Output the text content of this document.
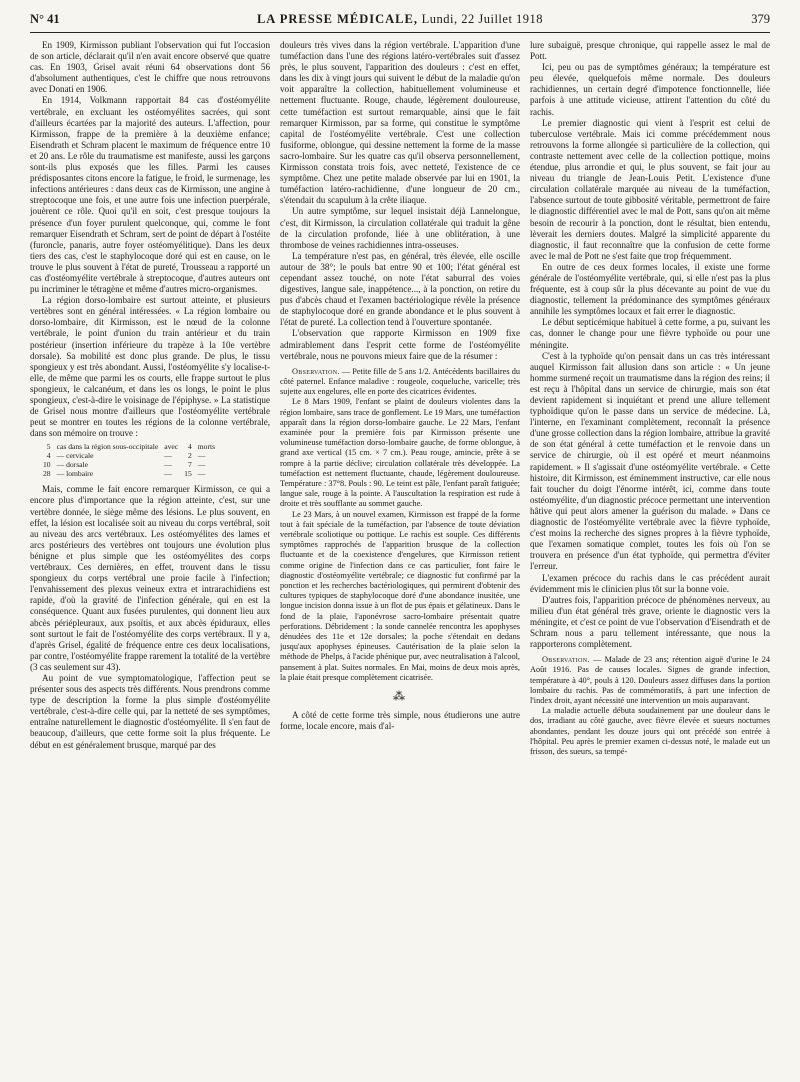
N° 41	LA PRESSE MÉDICALE, Lundi, 22 Juillet 1918	379

En 1909, Kirmisson publiant l'observation qui fut l'occasion de son article, déclarait qu'il n'en avait encore observé que quatre cas. En 1903, Grisel avait réuni 64 observations dont 56 d'absolument authentiques, c'est le chiffre que nous retrouvons avec Donati en 1906.

En 1914, Volkmann rapportait 84 cas d'ostéomyélite vertébrale, en excluant les ostéomyélites sacrées, qui sont d'ailleurs écartées par la majorité des auteurs. L'affection, pour Kirmisson, frappe de la première à la deuxième enfance; Eisendrath et Schram placent le maximum de fréquence entre 10 et 20 ans. Le rôle du traumatisme est manifeste, aussi les garçons sont-ils plus exposés que les filles. Parmi les causes prédisposantes citons encore la fatigue, le froid, le surmenage, les infections antérieures : dans deux cas de Kirmisson, une angine à streptocoque une fois, et une autre fois une infection puerpérale, jouèrent ce rôle. Quoi qu'il en soit, c'est presque toujours la présence d'un foyer purulent quelconque, qui, comme le font remarquer Eisendrath et Schram, sert de point de départ à l'ostéite (furoncle, panaris, autre foyer ostéomyélitique). Dans les deux tiers des cas, c'est le staphylocoque doré qui est en cause, on le trouve le plus souvent à l'état de pureté, Trousseau a rapporté un cas d'ostéomyélite vertébrale à streptocoque, d'autres auteurs ont pu incriminer le tétragène et même d'autres micro-organismes.

La région dorso-lombaire est surtout atteinte, et plusieurs vertèbres sont en général intéressées. « La région lombaire ou dorso-lombaire, dit Kirmisson, est le nœud de la colonne vertébrale, le point d'union du train antérieur et du train postérieur (insertion inférieure du trapèze à la 10e vertèbre dorsale). Sa mobilité est donc plus grande. De plus, le tissu spongieux y est très abondant. Aussi, l'ostéomyélite s'y localise-t-elle, de même que parmi les os courts, elle frappe surtout le plus spongieux, le calcanéum, et dans les os longs, le point le plus spongieux, c'est-à-dire le voisinage de l'épiphyse. » La statistique de Grisel nous montre d'ailleurs que l'ostéomyélite vertébrale peut se montrer en toutes les régions de la colonne vertébrale, dans son mémoire on trouve :

5	cas dans la région sous-occipitale	avec	4	morts
4	— cervicale	—	2	—
10	— dorsale	—	7	—
28	— lombaire	—	15	—

Mais, comme le fait encore remarquer Kirmisson, ce qui a encore plus d'importance que la région atteinte, c'est, sur une vertèbre donnée, le siège même des lésions. Le plus souvent, en effet, la lésion est localisée soit au niveau du corps vertébral, soit au niveau des arcs vertébraux. Les ostéomyélites des lames et arcs postérieurs des vertèbres ont toujours une évolution plus bénigne et plus simple que les ostéomyélites des corps vertébraux. Ces dernières, en effet, trouvent dans le tissu spongieux du corps vertébral une proie facile à l'infection; l'envahissement des plexus veineux extra et intrarachidiens est rapide, d'où la gravité de l'infection générale, qui en est la conséquence. Quant aux fusées purulentes, qui donnent lieu aux abcès périépleuraux, aux psoïtis, et aux abcès épiduraux, elles sont surtout le fait de l'ostéomyélite des corps vertébraux. Il y a, d'après Grisel, égalité de fréquence entre ces deux localisations, par contre, l'ostéomyélite frappe rarement la totalité de la vertèbre (3 cas seulement sur 43).

Au point de vue symptomatologique, l'affection peut se présenter sous des aspects très différents. Nous prendrons comme type de description la forme la plus simple d'ostéomyélite vertébrale, c'est-à-dire celle qui, par la netteté de ses symptômes, entraîne naturellement le diagnostic d'ostéomyélite. Il s'en faut de beaucoup, d'ailleurs, que cette forme soit la plus fréquente. Le début en est généralement brusque, marqué par des

douleurs très vives dans la région vertébrale. L'apparition d'une tuméfaction dans l'une des régions latéro-vertébrales suit d'assez près, le plus souvent, l'apparition des douleurs : c'est en effet, dans les dix à vingt jours qui suivent le début de la maladie qu'on voit apparaître la collection, habituellement volumineuse et nettement fluctuante. Rouge, chaude, légèrement douloureuse, cette tuméfaction est surtout remarquable, ainsi que le fait remarquer Kirmisson, par sa forme, qui constitue le symptôme capital de l'ostéomyélite vertébrale. C'est une collection fusiforme, oblongue, qui dessine nettement la forme de la masse sacro-lombaire. Sur les quatre cas qu'il observa personnellement, Kirmisson constata trois fois, avec netteté, l'existence de ce symptôme. Chez une petite malade observée par lui en 1901, la tuméfaction latéro-rachidienne, d'une longueur de 20 cm., s'étendait du scapulum à la crête iliaque.

Un autre symptôme, sur lequel insistait déjà Lannelongue, c'est, dit Kirmisson, la circulation collatérale qui traduit la gêne de la circulation profonde, liée à une oblitération, à une thrombose de veines rachidiennes intra-osseuses.

La température n'est pas, en général, très élevée, elle oscille autour de 38°; le pouls bat entre 90 et 100; l'état général est cependant assez touché, on note l'état saburral des voies digestives, langue sale, inappétence..., à la ponction, on retire du pus d'abcès chaud et l'examen bactériologique révèle la présence de staphylocoque doré en grande abondance et le plus souvent à l'état de pureté. La collection tend à l'ouverture spontanée.

L'observation que rapporte Kirmisson en 1909 fixe admirablement dans l'esprit cette forme de l'ostéomyélite vertébrale, nous ne pouvons mieux faire que de la résumer :

Observation. — Petite fille de 5 ans 1/2. Antécédents bacillaires du côté paternel. Enfance maladive : rougeole, coqueluche, varicelle; très sujette aux engelures, elle en porte des cicatrices évidentes.

Le 8 Mars 1909, l'enfant se plaint de douleurs violentes dans la région lombaire, sans trace de gonflement. Le 19 Mars, une tuméfaction apparaît dans la région dorso-lombaire gauche. Le 22 Mars, l'enfant examinée pour la première fois par Kirmisson présente une volumineuse tuméfaction dorso-lombaire gauche, de forme oblongue, à grand axe vertical (15 cm. × 7 cm.). Peau rouge, amincie, prête à se rompre à la partie déclive; circulation collatérale très développée. La tuméfaction est nettement fluctuante, chaude, légèrement douloureuse. Température : 37°8. Pouls : 90. Le teint est pâle, l'enfant paraît fatiguée; langue sale, rouge à la pointe. A l'auscultation la respiration est rude à droite et très soufflante au sommet gauche.

Le 23 Mars, à un nouvel examen, Kirmisson est frappé de la forme tout à fait spéciale de la tuméfaction, par l'absence de toute déviation vertébrale scoliotique ou pottique. Le rachis est souple. Ces différents symptômes rapprochés de l'apparition brusque de la collection fluctuante et de la coexistence d'engelures, que Kirmisson retient comme origine de l'infection dans ce cas particulier, font faire le diagnostic d'ostéomyélite vertébrale; ce diagnostic fut confirmé par la ponction et les recherches bactériologiques, qui permirent d'obtenir des cultures typiques de staphylocoque doré d'une abondance inusitée, une longue incision donna issue à un flot de pus épais et gélatineux. Dans le fond de la plaie, l'aponévrose sacro-lombaire présentait quatre perforations. Débridement : la sonde cannelée rencontra les apophyses dénudées des 11e et 12e dorsales; la poche s'étendait en dedans jusqu'aux apophyses épineuses. Cautérisation de la plaie selon la méthode de Phelps, à l'acide phénique pur, avec neutralisation à l'alcool, pansement à plat. Suites normales. En Mai, moins de deux mois après, la plaie était presque complètement cicatrisée.

⁂

A côté de cette forme très simple, nous étudierons une autre forme, locale encore, mais d'al-

lure subaiguë, presque chronique, qui rappelle assez le mal de Pott.

Ici, peu ou pas de symptômes généraux; la température est peu élevée, quelquefois même normale. Des douleurs rachidiennes, un certain degré d'impotence fonctionnelle, liée parfois à une attitude vicieuse, attirent l'attention du côté du rachis.

Le premier diagnostic qui vient à l'esprit est celui de tuberculose vertébrale. Mais ici comme précédemment nous retrouvons la forme allongée si particulière de la collection, qui contraste nettement avec celle de la collection pottique, moins étendue, plus arrondie et qui, le plus souvent, se fait jour au niveau du triangle de Jean-Louis Petit. L'existence d'une circulation collatérale marquée au niveau de la tuméfaction, l'absence surtout de toute gibbosité véritable, permettront de faire le diagnostic différentiel avec le mal de Pott, sans qu'on ait même besoin de recourir à la ponction, dont le résultat, bien entendu, lèverait les derniers doutes. Malgré la simplicité apparente du diagnostic, il faut reconnaître que la confusion de cette forme avec le mal de Pott ne s'est faite que trop fréquemment.

En outre de ces deux formes locales, il existe une forme générale de l'ostéomyélite vertébrale, qui, si elle n'est pas la plus fréquente, est à coup sûr la plus décevante au point de vue du diagnostic, tellement la prédominance des symptômes généraux annihile les symptômes locaux et fait errer le diagnostic.

Le début septicémique habituel à cette forme, a pu, suivant les cas, donner le change pour une fièvre typhoïde ou pour une méningite.

C'est à la typhoïde qu'on pensait dans un cas très intéressant auquel Kirmisson fait allusion dans son article : « Un jeune homme surmené reçoit un traumatisme dans la région des reins; il est reçu à l'hôpital dans un service de chirurgie, mais son état devient rapidement si inquiétant et prend une allure tellement typhoïdique qu'on le passe dans un service de médecine. Là, l'interne, en l'examinant complètement, reconnaît la présence d'une grosse collection dans la région lombaire, attribue la gravité de son état général à cette tuméfaction et le renvoie dans un service de chirurgie, où il est opéré et meurt néanmoins rapidement. » Il s'agissait d'une ostéomyélite vertébrale. « Cette histoire, dit Kirmisson, est éminemment instructive, car elle nous fait toucher du doigt l'énorme intérêt, ici, comme dans toute ostéomyélite, d'un diagnostic précoce permettant une intervention hâtive qui peut alors amener la guérison du malade. » Dans ce diagnostic de l'ostéomyélite vertébrale avec la fièvre typhoïde, c'est moins la recherche des signes propres à la fièvre typhoïde, que l'examen somatique complet, toutes les fois où l'on se trouvera en présence d'un état typhoïde, qui permettra d'éviter l'erreur.

L'examen précoce du rachis dans le cas précédent aurait évidemment mis le clinicien plus tôt sur la bonne voie.

D'autres fois, l'apparition précoce de phénomènes nerveux, au milieu d'un état général très grave, oriente le diagnostic vers la méningite, et c'est ce point de vue l'observation d'Eisendrath et de Schram nous a paru tellement intéressante, que nous la rapporterons complètement.

Observation. — Malade de 23 ans; rétention aiguë d'urine le 24 Août 1916. Pas de causes locales. Signes de grande infection, température à 40°, pouls à 120. Douleurs assez diffuses dans la portion lombaire du rachis. Pas de commémoratifs, à part une infection de l'index droit, ayant nécessité une intervention un mois auparavant.

La maladie actuelle débuta soudainement par une douleur dans le dos, irradiant au côté gauche, avec fièvre élevée et sueurs nocturnes abondantes, pendant les douze jours qui ont précédé son entrée à l'hôpital. Peu après le premier examen ci-dessus noté, le malade eut un frisson, des sueurs, sa tempé-
